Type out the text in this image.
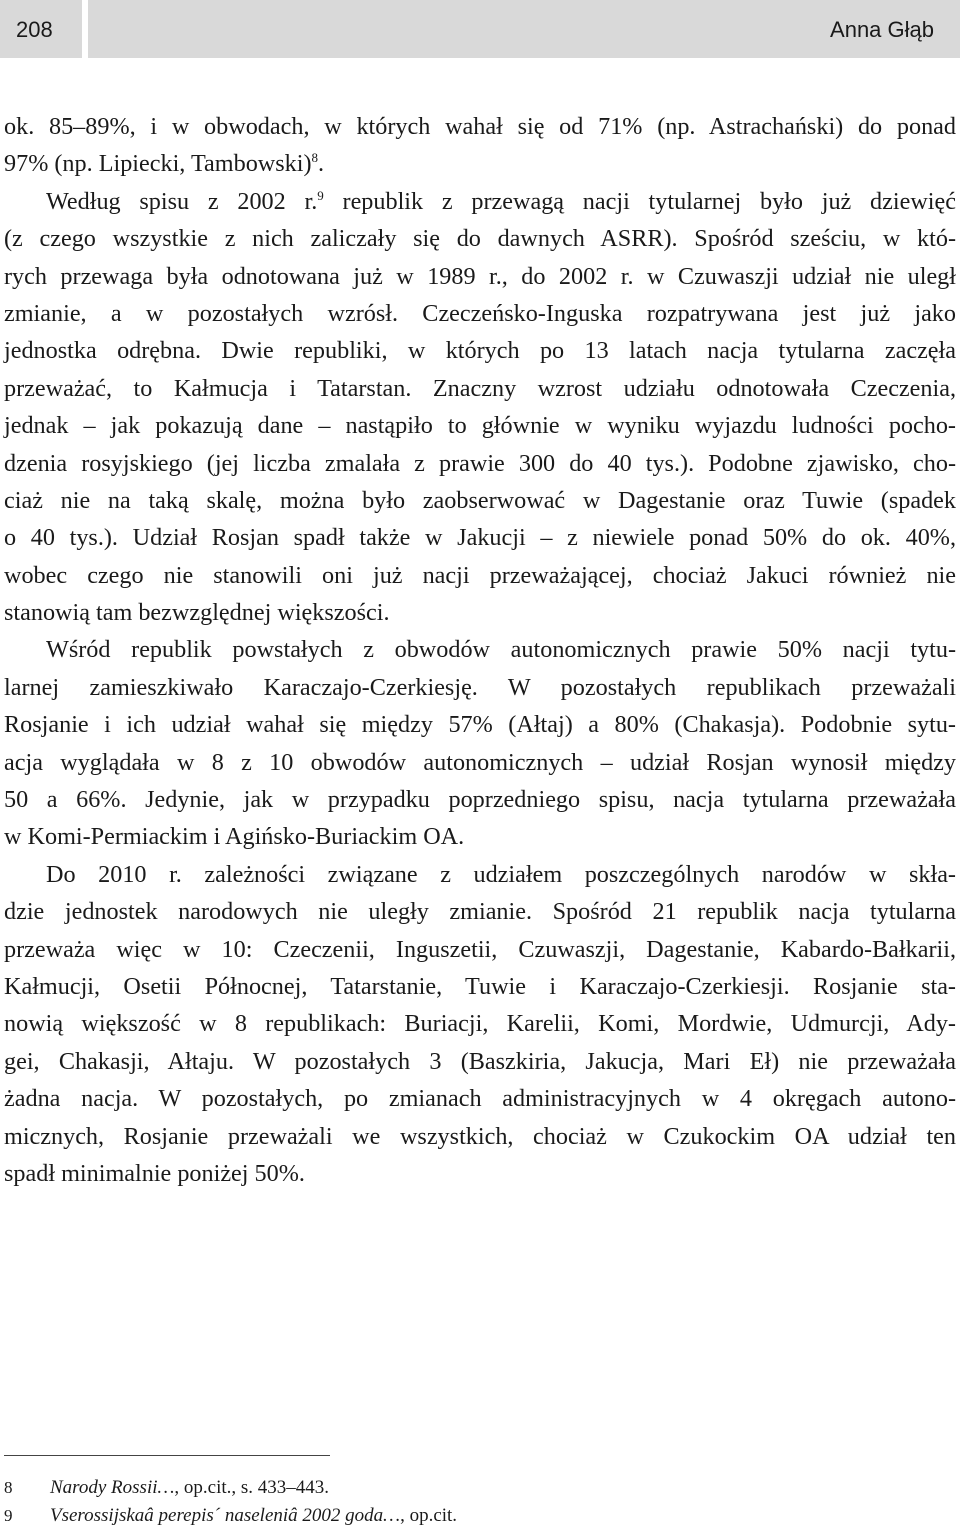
208	Anna Głąb
ok. 85–89%, i w obwodach, w których wahał się od 71% (np. Astrachański) do ponad
97% (np. Lipiecki, Tambowski)$^8$.
Według spisu z 2002 r.$^9$ republik z przewagą nacji tytularnej było już dziewięć
(z czego wszystkie z nich zaliczały się do dawnych ASRR). Spośród sześciu, w któ-
rych przewaga była odnotowana już w 1989 r., do 2002 r. w Czuwaszji udział nie uległ
zmianie, a w pozostałych wzrósł. Czeczeńsko-Inguska rozpatrywana jest już jako
jednostka odrębna. Dwie republiki, w których po 13 latach nacja tytularna zaczęła
przeważać, to Kałmucja i Tatarstan. Znaczny wzrost udziału odnotowała Czeczenia,
jednak – jak pokazują dane – nastąpiło to głównie w wyniku wyjazdu ludności pocho-
dzenia rosyjskiego (jej liczba zmalała z prawie 300 do 40 tys.). Podobne zjawisko, cho-
ciaż nie na taką skalę, można było zaobserwować w Dagestanie oraz Tuwie (spadek
o 40 tys.). Udział Rosjan spadł także w Jakucji – z niewiele ponad 50% do ok. 40%,
wobec czego nie stanowili oni już nacji przeważającej, chociaż Jakuci również nie
stanowią tam bezwzględnej większości.
Wśród republik powstałych z obwodów autonomicznych prawie 50% nacji tytu-
larnej zamieszkiwało Karaczajo-Czerkiesję. W pozostałych republikach przeważali
Rosjanie i ich udział wahał się między 57% (Ałtaj) a 80% (Chakasja). Podobnie sytu-
acja wyglądała w 8 z 10 obwodów autonomicznych – udział Rosjan wynosił między
50 a 66%. Jedynie, jak w przypadku poprzedniego spisu, nacja tytularna przeważała
w Komi-Permiackim i Agińsko-Buriackim OA.
Do 2010 r. zależności związane z udziałem poszczególnych narodów w skła-
dzie jednostek narodowych nie uległy zmianie. Spośród 21 republik nacja tytularna
przeważa więc w 10: Czeczenii, Inguszetii, Czuwaszji, Dagestanie, Kabardo-Bałkarii,
Kałmucji, Osetii Północnej, Tatarstanie, Tuwie i Karaczajo-Czerkiesji. Rosjanie sta-
nowią większość w 8 republikach: Buriacji, Karelii, Komi, Mordwie, Udmurcji, Ady-
gei, Chakasji, Ałtaju. W pozostałych 3 (Baszkiria, Jakucja, Mari Eł) nie przeważała
żadna nacja. W pozostałych, po zmianach administracyjnych w 4 okręgach autono-
micznych, Rosjanie przeważali we wszystkich, chociaż w Czukockim OA udział ten
spadł minimalnie poniżej 50%.
8 Narody Rossii…, op.cit., s. 433–443.
9 Vserossijskaâ perepis´ naseleniâ 2002 goda…, op.cit.
